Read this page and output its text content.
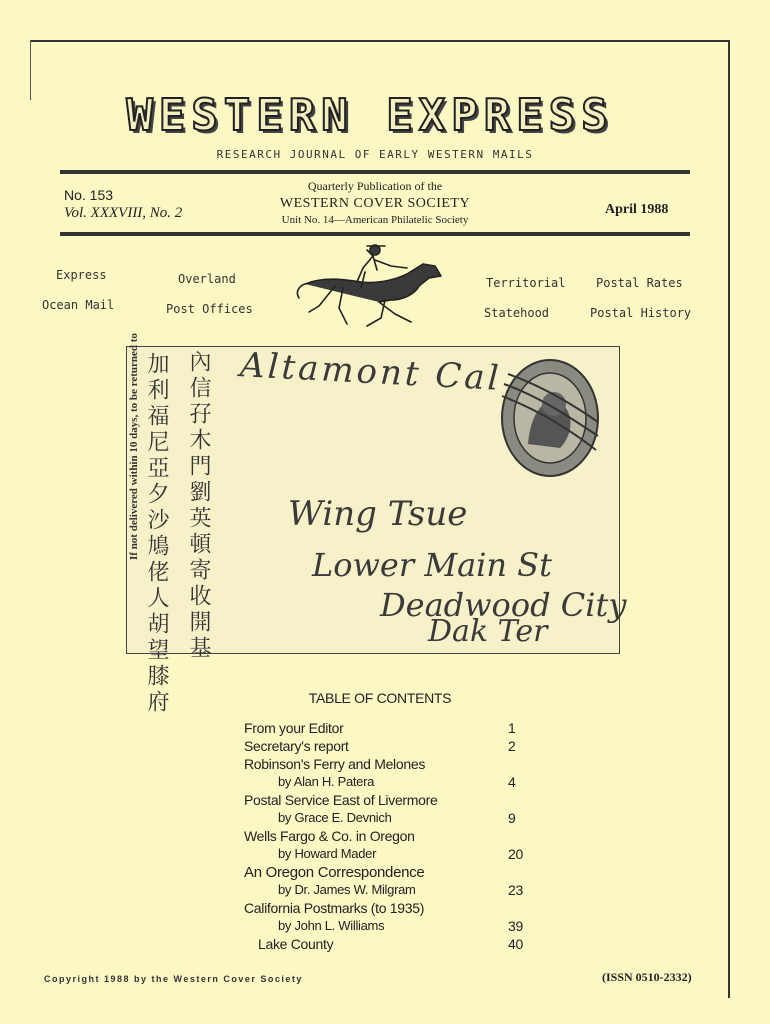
WESTERN EXPRESS
RESEARCH JOURNAL OF EARLY WESTERN MAILS
No. 153
Vol. XXXVIII, No. 2
Quarterly Publication of the
WESTERN COVER SOCIETY
Unit No. 14—American Philatelic Society
April 1988
Express	Overland	Territorial	Postal Rates
Ocean Mail	Post Offices	Statehood	Postal History
If not delivered within 10 days, to be returned to 內信孖木門劉英頓寄收開基
加利福尼亞夕沙鳩佬人胡望膝府 Altamont Cal
Wing Tsue
Lower Main St
Deadwood City
Dak Ter
TABLE OF CONTENTS
From your Editor	1
Secretary's report	2
Robinson's Ferry and Melones
by Alan H. Patera	4
Postal Service East of Livermore
by Grace E. Devnich	9
Wells Fargo & Co. in Oregon
by Howard Mader	20
An Oregon Correspondence
by Dr. James W. Milgram	23
California Postmarks (to 1935)
by John L. Williams	39
Lake County	40
Copyright 1988 by the Western Cover Society	(ISSN 0510-2332)
